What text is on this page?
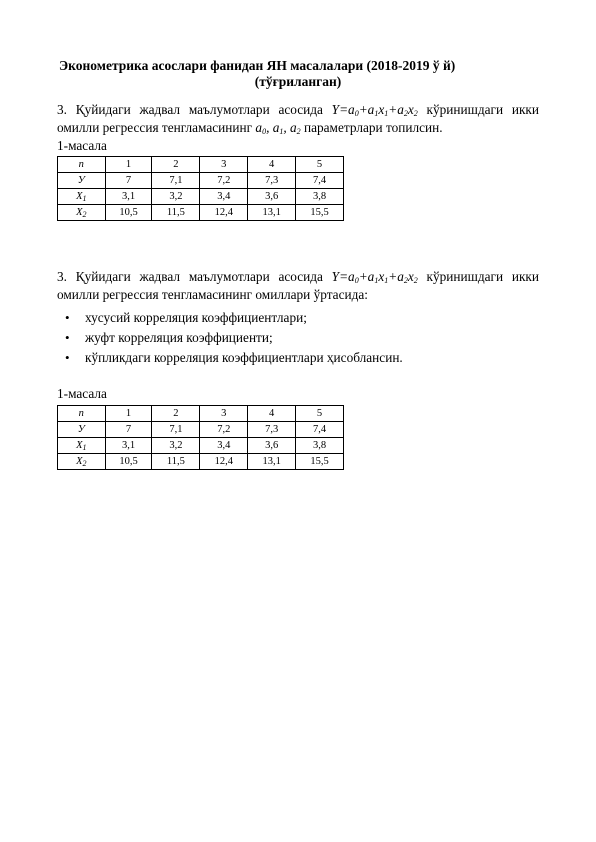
Эконометрика асослари фанидан ЯН масалалари (2018-2019 ў й)
(тўғриланган)
3. Қуйидаги жадвал маълумотлари асосида $Y=a_0+a_1x_1+a_2x_2$ кўринишдаги икки
омилли регрессия тенгламасининг $a_0$, $a_1$, $a_2$ параметрлари топилсин.
1-масала
n	1	2	3	4	5
У	7	7,1	7,2	7,3	7,4
$X_1$	3,1	3,2	3,4	3,6	3,8
$X_2$	10,5	11,5	12,4	13,1	15,5
3. Қуйидаги жадвал маълумотлари асосида $Y=a_0+a_1x_1+a_2x_2$ кўринишдаги икки
омилли регрессия тенгламасининг омиллари ўртасида:
• хусусий корреляция коэффициентлари;
• жуфт корреляция коэффициенти;
• кўпликдаги корреляция коэффициентлари ҳисоблансин.
1-масала
n	1	2	3	4	5
У	7	7,1	7,2	7,3	7,4
$X_1$	3,1	3,2	3,4	3,6	3,8
$X_2$	10,5	11,5	12,4	13,1	15,5
